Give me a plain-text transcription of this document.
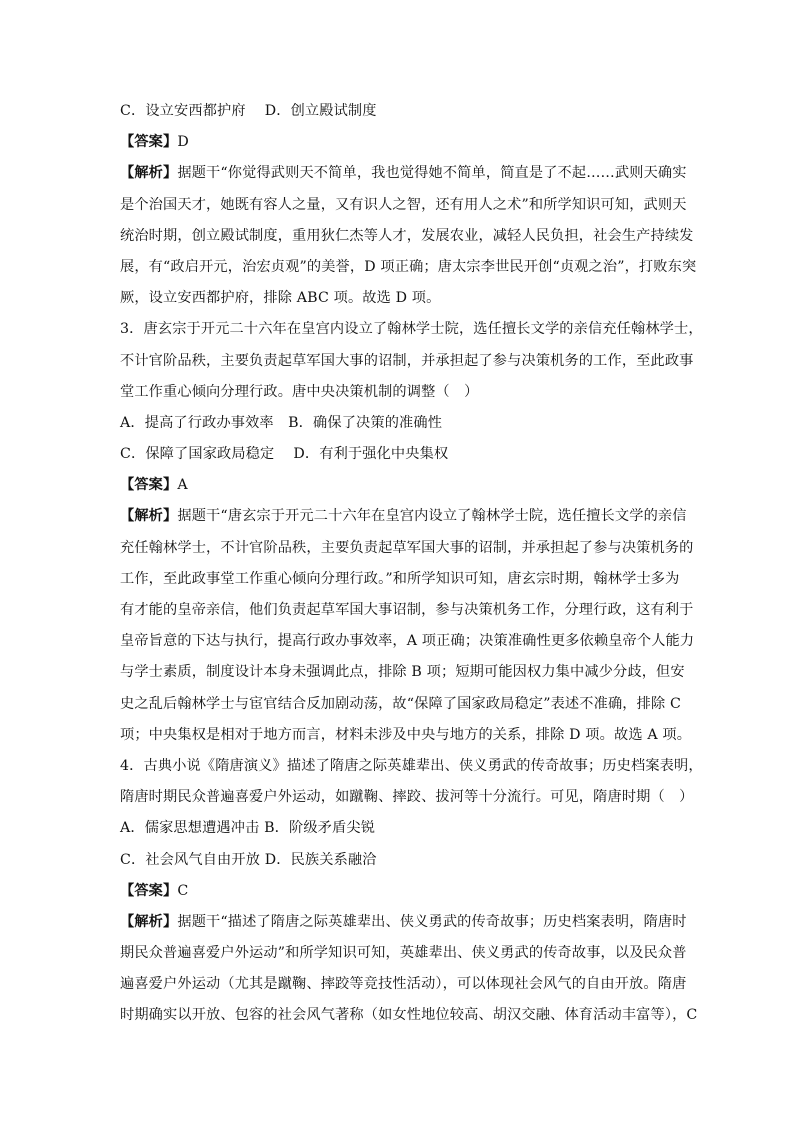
C．设立安西都护府　 D．创立殿试制度
【答案】D
【解析】据题干“你觉得武则天不简单，我也觉得她不简单，简直是了不起……武则天确实
是个治国天才，她既有容人之量，又有识人之智，还有用人之术”和所学知识可知，武则天
统治时期，创立殿试制度，重用狄仁杰等人才，发展农业，减轻人民负担，社会生产持续发
展，有“政启开元，治宏贞观”的美誉，D 项正确；唐太宗李世民开创“贞观之治”，打败东突
厥，设立安西都护府，排除 ABC 项。故选 D 项。
3．唐玄宗于开元二十六年在皇宫内设立了翰林学士院，选任擅长文学的亲信充任翰林学士，
不计官阶品秩，主要负责起草军国大事的诏制，并承担起了参与决策机务的工作，至此政事
堂工作重心倾向分理行政。唐中央决策机制的调整（　）
A．提高了行政办事效率　B．确保了决策的准确性
C．保障了国家政局稳定　 D．有利于强化中央集权
【答案】A
【解析】据题干“唐玄宗于开元二十六年在皇宫内设立了翰林学士院，选任擅长文学的亲信
充任翰林学士，不计官阶品秩，主要负责起草军国大事的诏制，并承担起了参与决策机务的
工作，至此政事堂工作重心倾向分理行政。”和所学知识可知，唐玄宗时期，翰林学士多为
有才能的皇帝亲信，他们负责起草军国大事诏制，参与决策机务工作，分理行政，这有利于
皇帝旨意的下达与执行，提高行政办事效率，A 项正确；决策准确性更多依赖皇帝个人能力
与学士素质，制度设计本身未强调此点，排除 B 项；短期可能因权力集中减少分歧，但安
史之乱后翰林学士与宦官结合反加剧动荡，故“保障了国家政局稳定”表述不准确，排除 C
项；中央集权是相对于地方而言，材料未涉及中央与地方的关系，排除 D 项。故选 A 项。
4．古典小说《隋唐演义》描述了隋唐之际英雄辈出、侠义勇武的传奇故事；历史档案表明，
隋唐时期民众普遍喜爱户外运动，如蹴鞠、摔跤、拔河等十分流行。可见，隋唐时期（　）
A．儒家思想遭遇冲击 B．阶级矛盾尖锐
C．社会风气自由开放 D．民族关系融洽
【答案】C
【解析】据题干“描述了隋唐之际英雄辈出、侠义勇武的传奇故事；历史档案表明，隋唐时
期民众普遍喜爱户外运动”和所学知识可知，英雄辈出、侠义勇武的传奇故事，以及民众普
遍喜爱户外运动（尤其是蹴鞠、摔跤等竞技性活动），可以体现社会风气的自由开放。隋唐
时期确实以开放、包容的社会风气著称（如女性地位较高、胡汉交融、体育活动丰富等），C
